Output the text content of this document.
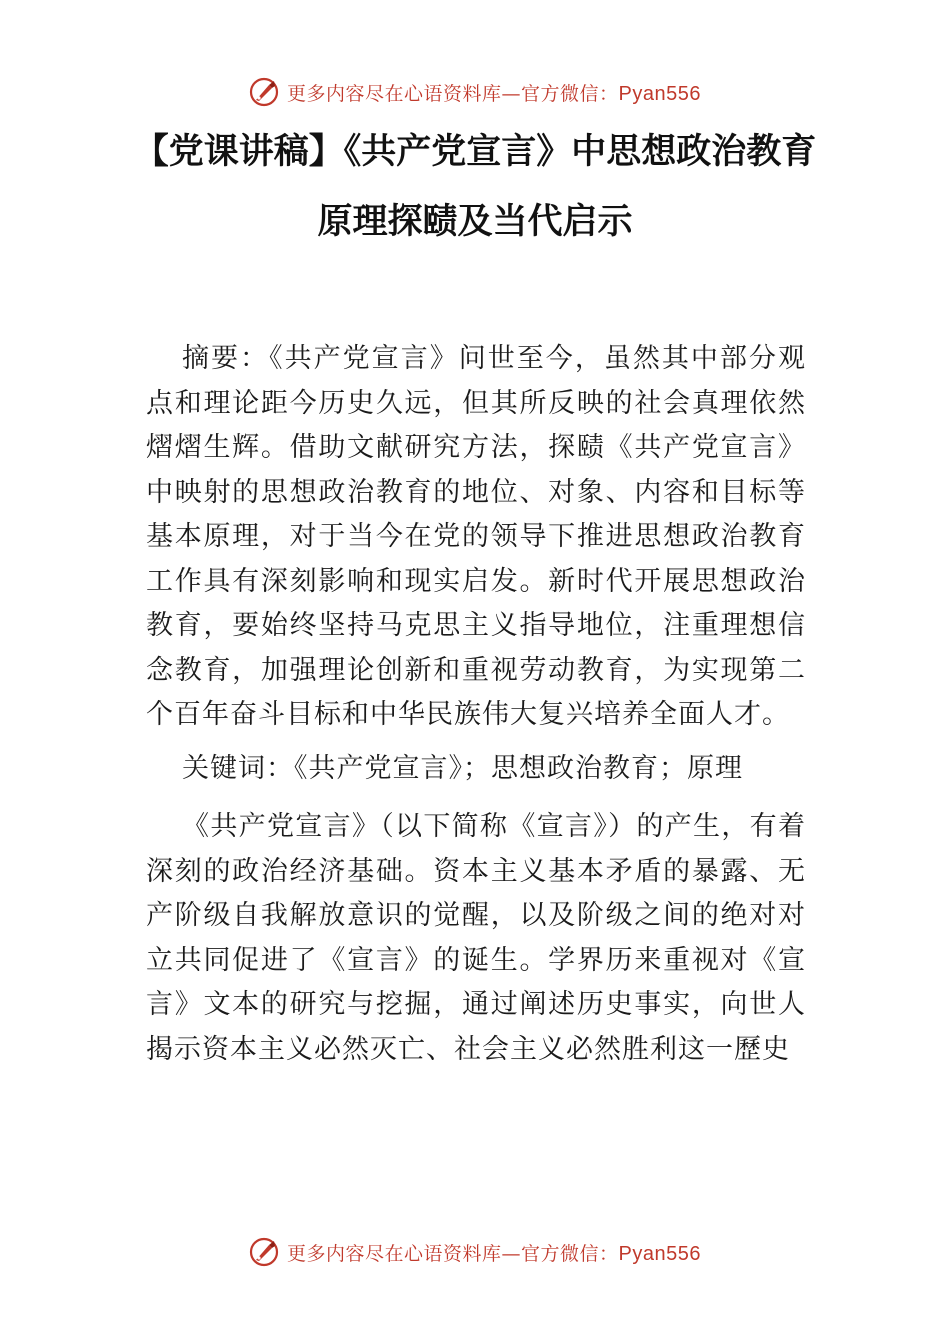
更多内容尽在心语资料库—官方微信：Pyan556
【党课讲稿】《共产党宣言》中思想政治教育
原理探赜及当代启示
摘要：《共产党宣言》问世至今，虽然其中部分观点和理论距今历史久远，但其所反映的社会真理依然熠熠生辉。借助文献研究方法，探赜《共产党宣言》中映射的思想政治教育的地位、对象、内容和目标等基本原理，对于当今在党的领导下推进思想政治教育工作具有深刻影响和现实启发。新时代开展思想政治教育，要始终坚持马克思主义指导地位，注重理想信念教育，加强理论创新和重视劳动教育，为实现第二个百年奋斗目标和中华民族伟大复兴培养全面人才。
关键词：《共产党宣言》；思想政治教育；原理
《共产党宣言》（以下简称《宣言》）的产生，有着深刻的政治经济基础。资本主义基本矛盾的暴露、无产阶级自我解放意识的觉醒，以及阶级之间的绝对对立共同促进了《宣言》的诞生。学界历来重视对《宣言》文本的研究与挖掘，通过阐述历史事实，向世人揭示资本主义必然灭亡、社会主义必然胜利这一歷史
更多内容尽在心语资料库—官方微信：Pyan556
